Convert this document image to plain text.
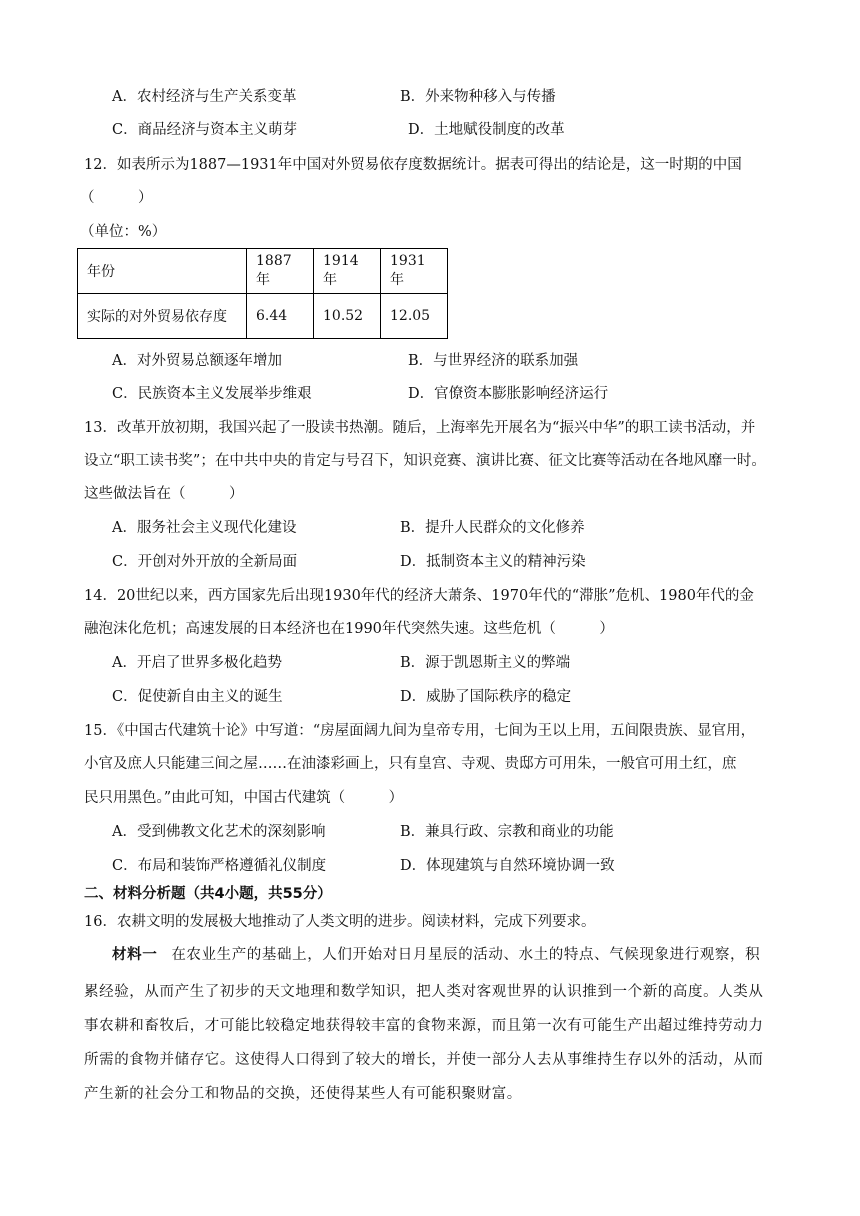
A．农村经济与生产关系变革	B．外来物种移入与传播
C．商品经济与资本主义萌芽	D．土地赋役制度的改革
12．如表所示为1887—1931年中国对外贸易依存度数据统计。据表可得出的结论是，这一时期的中国
（　　　）
（单位：%）
年份	1887年	1914年	1931年
实际的对外贸易依存度	6.44	10.52	12.05
A．对外贸易总额逐年增加	B．与世界经济的联系加强
C．民族资本主义发展举步维艰	D．官僚资本膨胀影响经济运行
13．改革开放初期，我国兴起了一股读书热潮。随后，上海率先开展名为“振兴中华”的职工读书活动，并
设立“职工读书奖”；在中共中央的肯定与号召下，知识竞赛、演讲比赛、征文比赛等活动在各地风靡一时。
这些做法旨在（　　　）
A．服务社会主义现代化建设	B．提升人民群众的文化修养
C．开创对外开放的全新局面	D．抵制资本主义的精神污染
14．20世纪以来，西方国家先后出现1930年代的经济大萧条、1970年代的“滞胀”危机、1980年代的金
融泡沫化危机；高速发展的日本经济也在1990年代突然失速。这些危机（　　　）
A．开启了世界多极化趋势	B．源于凯恩斯主义的弊端
C．促使新自由主义的诞生	D．威胁了国际秩序的稳定
15．《中国古代建筑十论》中写道：“房屋面阔九间为皇帝专用，七间为王以上用，五间限贵族、显官用，
小官及庶人只能建三间之屋……在油漆彩画上，只有皇宫、寺观、贵邸方可用朱，一般官可用土红，庶
民只用黑色。”由此可知，中国古代建筑（　　　）
A．受到佛教文化艺术的深刻影响	B．兼具行政、宗教和商业的功能
C．布局和装饰严格遵循礼仪制度	D．体现建筑与自然环境协调一致
二、材料分析题（共4小题，共55分）
16．农耕文明的发展极大地推动了人类文明的进步。阅读材料，完成下列要求。
材料一 在农业生产的基础上，人们开始对日月星辰的活动、水土的特点、气候现象进行观察，积
累经验，从而产生了初步的天文地理和数学知识，把人类对客观世界的认识推到一个新的高度。人类从
事农耕和畜牧后，才可能比较稳定地获得较丰富的食物来源，而且第一次有可能生产出超过维持劳动力
所需的食物并储存它。这使得人口得到了较大的增长，并使一部分人去从事维持生存以外的活动，从而
产生新的社会分工和物品的交换，还使得某些人有可能积聚财富。
